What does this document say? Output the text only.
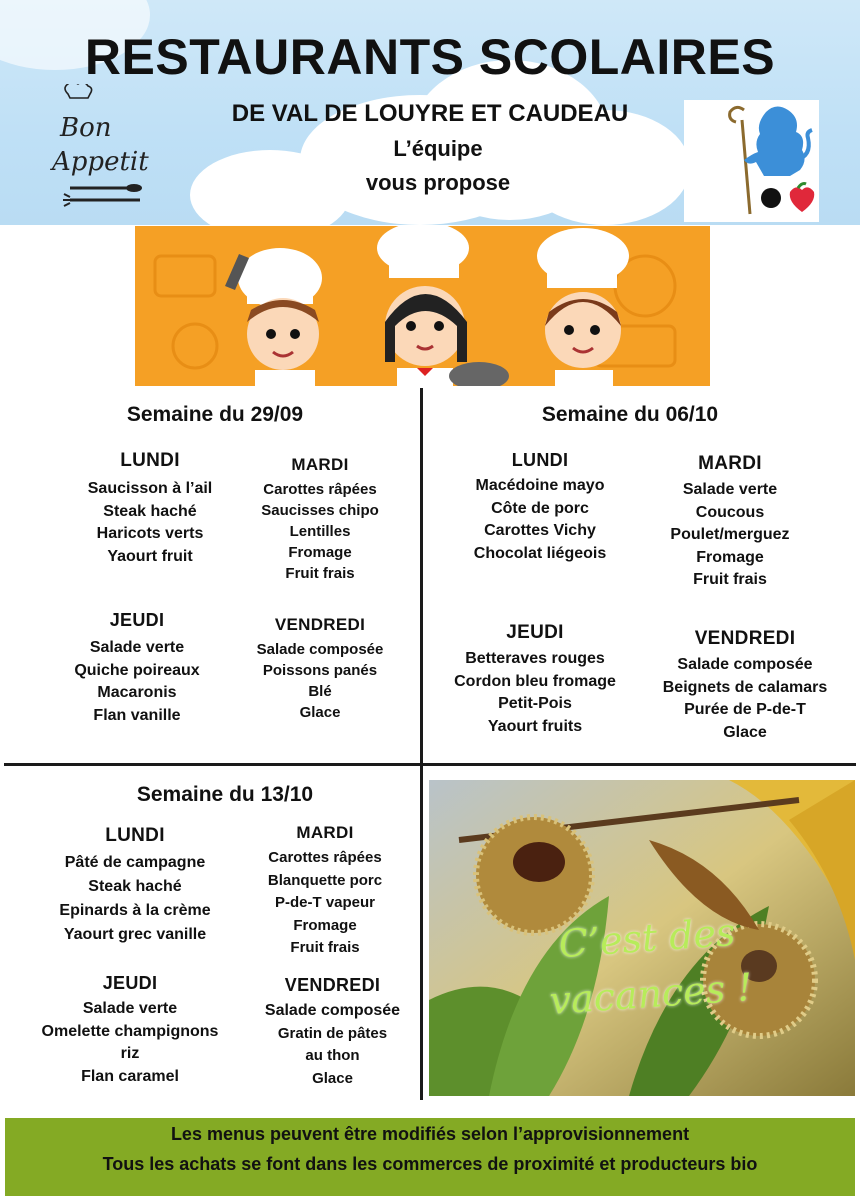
RESTAURANTS SCOLAIRES
DE VAL DE LOUYRE ET CAUDEAU
L’équipe
vous propose
Bon
Appetit
Semaine du 29/09
LUNDI
Saucisson à l’ail
Steak haché
Haricots verts
Yaourt fruit
MARDI
Carottes râpées
Saucisses chipo
Lentilles
Fromage
Fruit frais
JEUDI
Salade verte
Quiche poireaux
Macaronis
Flan vanille
VENDREDI
Salade composée
Poissons panés
Blé
Glace
Semaine du 06/10
LUNDI
Macédoine mayo
Côte de porc
Carottes Vichy
Chocolat liégeois
MARDI
Salade verte
Coucous
Poulet/merguez
Fromage
Fruit frais
JEUDI
Betteraves rouges
Cordon bleu fromage
Petit-Pois
Yaourt fruits
VENDREDI
Salade composée
Beignets de calamars
Purée de P-de-T
Glace
Semaine du 13/10
LUNDI
Pâté de campagne
Steak haché
Epinards à la crème
Yaourt grec vanille
MARDI
Carottes râpées
Blanquette porc
P-de-T vapeur
Fromage
Fruit frais
JEUDI
Salade verte
Omelette champignons
riz
Flan caramel
VENDREDI
Salade composée
Gratin de pâtes
au thon
Glace
C’est des
vacances !
Les menus peuvent être modifiés selon l’approvisionnement
Tous les achats se font dans les commerces de proximité et producteurs bio
